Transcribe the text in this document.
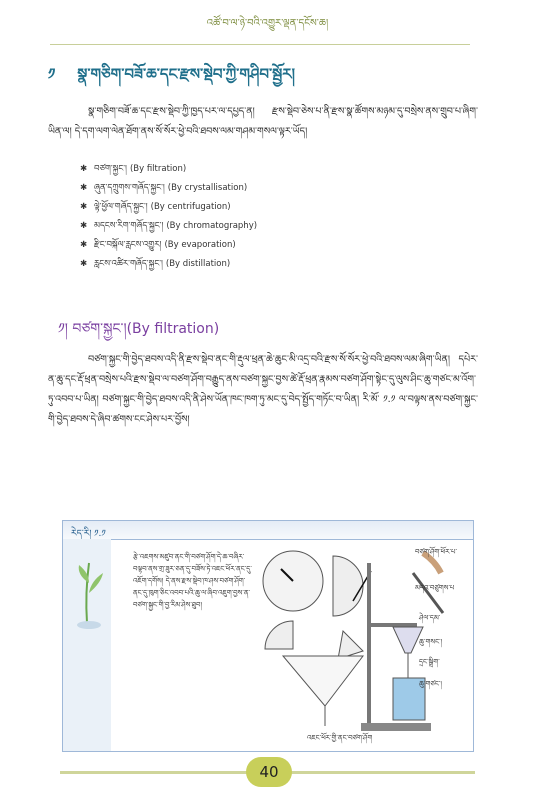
འཚོ་བ་ལ་ཉེ་བའི་འགྱུར་ལྡན་དངོས་ཆ།
༡ སྣ་གཅིག་བཟོ་ཆ་དང་རྫས་སྡེབ་ཀྱི་གཤིབ་སྦྱོར།
སྣ་གཅིག་བཟོ་ཆ་དང་རྫས་སྡེབ་ཀྱི་ཁྱད་པར་ལ་དཔྱད་ན། རྫས་སྡེབ་ཅེས་པ་ནི་རྫས་སྣ་ཚོགས་མཉམ་དུ་བསྲེས་ནས་གྲུབ་པ་ཞིག་ཡིན་ལ། དེ་དག་ལག་ལེན་ཐོག་ནས་སོ་སོར་ཕྱེ་བའི་ཐབས་ལམ་གཤམ་གསལ་ལྟར་ཡོད།
✱ བཙག་སྐྱང་། (By filtration)
✱ ཞུན་དཀྲུགས་གཞོད་སྐྱང་། (By crystallisation)
✱ ལྟེ་ཕྱོལ་གཞོད་སྐྱང་། (By centrifugation)
✱ མདངས་རིག་གཞོད་སྐྱང་། (By chromatography)
✱ རྫིང་བསྐོལ་རླངས་འགྱུར། (By evaporation)
✱ རླངས་འཚིར་གཞོད་སྐྱང་། (By distillation)
༡། བཙག་སྐྱང་།(By filtration)
བཙག་སྐྱང་གི་བྱེད་ཐབས་འདི་ནི་རྫས་སྡེབ་ནང་གི་རྡུལ་ཕྲན་ཆེ་ཆུང་མི་འདྲ་བའི་རྫས་སོ་སོར་ཕྱེ་བའི་ཐབས་ལམ་ཞིག་ཡིན། དཔེར་ན་ཆུ་དང་རྡོ་ཕྲན་བསྲེས་པའི་རྫས་སྡེབ་ལ་བཙག་ཤོག་བརྒྱུད་ནས་བཙག་སྐྱང་བྱས་ཚེ་རྡོ་ཕྲན་རྣམས་བཙག་ཤོག་སྟེང་དུ་ལུས་ཤིང་ཆུ་གཙང་མ་འོག་ཏུ་འབབ་པ་ཡིན། བཙག་སྐྱང་གི་བྱེད་ཐབས་འདི་ནི་ཤེས་ཡོན་ཁང་ཁག་ཏུ་མང་དུ་བེད་སྤྱོད་གཏོང་བ་ཡིན། རི་མོ་ ༡.༡ ལ་བལྟས་ནས་བཙག་སྐྱང་གི་བྱེད་ཐབས་དེ་ཞིབ་ཚགས་ངང་ཤེས་པར་བྱོས།
རེད་རི། ༡.༡
རྩེ་འཇགས་མཛུབ་ནང་གི་བཙག་ཤོག་དེ་ཆ་བཞིར་བལྟབ་ནས་གྲ་ཟུར་ཅན་དུ་བཟོས་ཏེ་འཇང་ཕོར་ནང་དུ་འཇོག་དགོས། དེ་ནས་རྫས་སྡེབ་ཁ་ཤས་བཙག་ཤོག་ནང་དུ་ཁུག་ཅིང་འབབ་པའི་ཆུ་ལ་ཞིབ་འཇུག་བྱས་ན་བཙག་སྐྱང་གི་བྱ་རིམ་ཤེས་ཐུབ།
འཇང་ཕོར་གྱི་ནང་བཙག་ཤོག
བཙག་ཤོག་ཕོར་པ་
མདའ་བཙུགས་པ
ཤེལ་དམ་
ཆུ་གསང་།
དྲང་སྒྲིག་
ཆུ་གཙང་།
40
